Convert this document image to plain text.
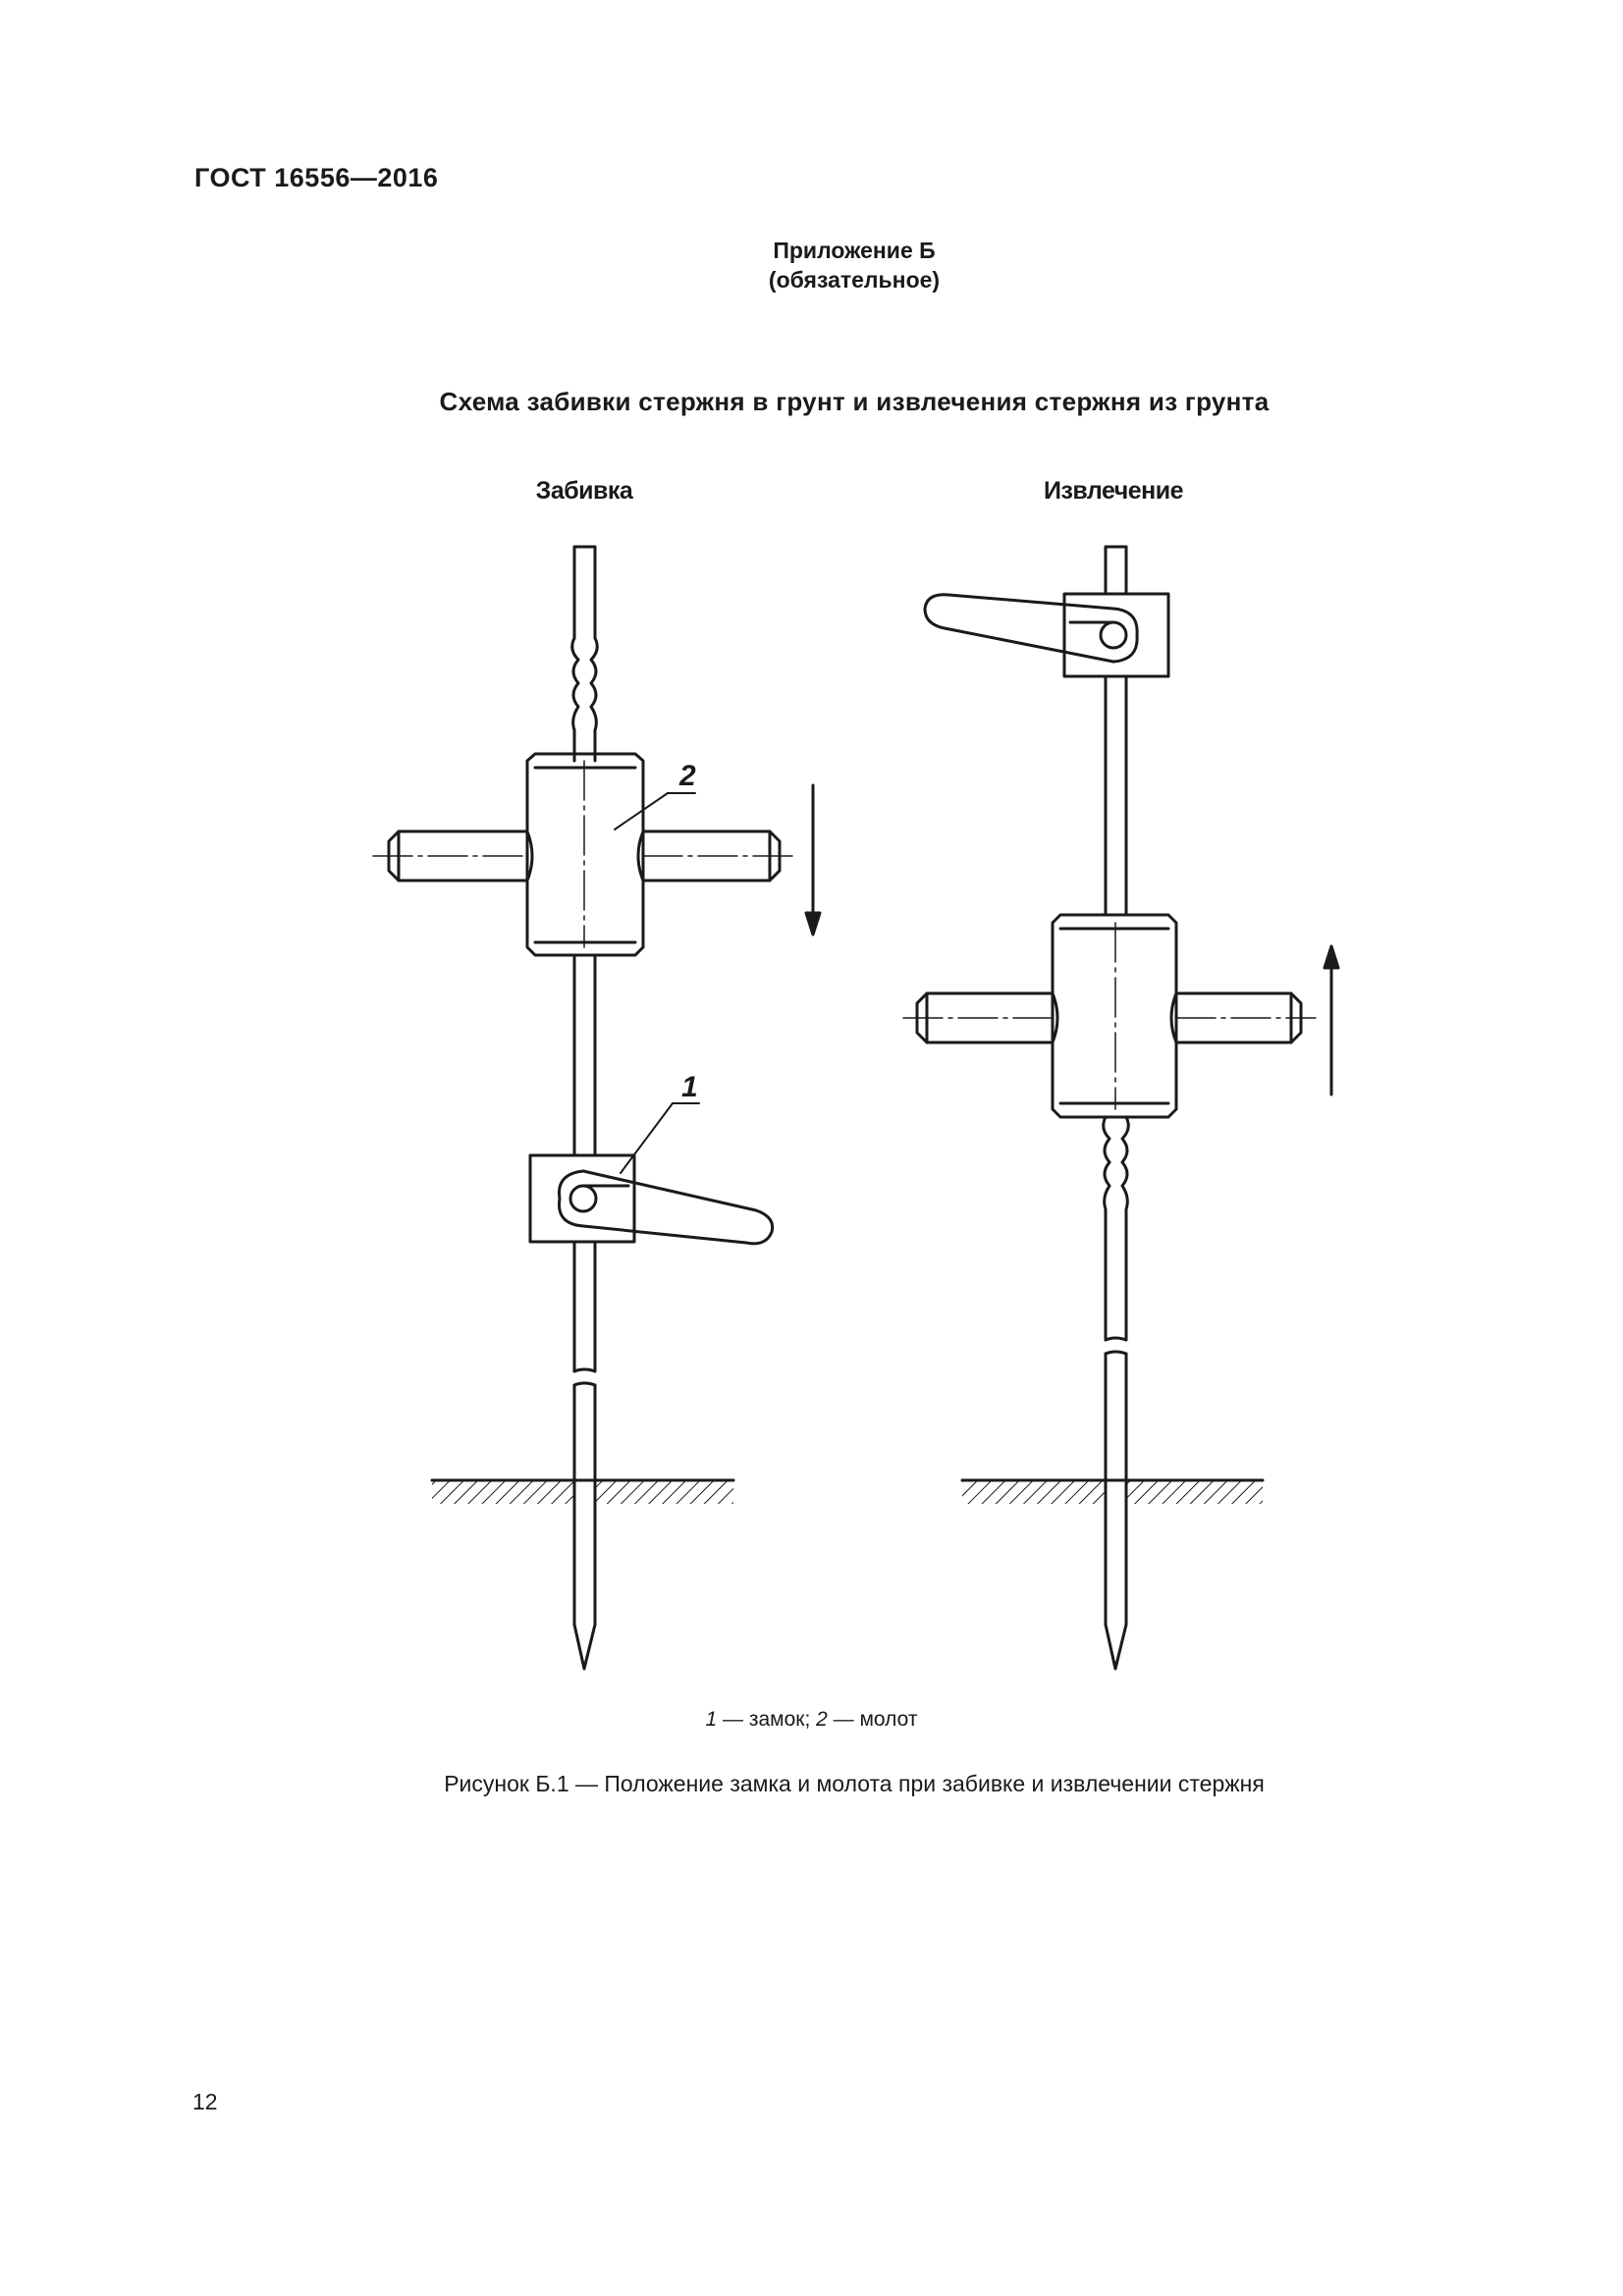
ГОСТ 16556—2016
Приложение Б
(обязательное)
Схема забивки стержня в грунт и извлечения стержня из грунта
Забивка	Извлечение
2
1
1 — замок; 2 — молот
Рисунок Б.1 — Положение замка и молота при забивке и извлечении стержня
12
